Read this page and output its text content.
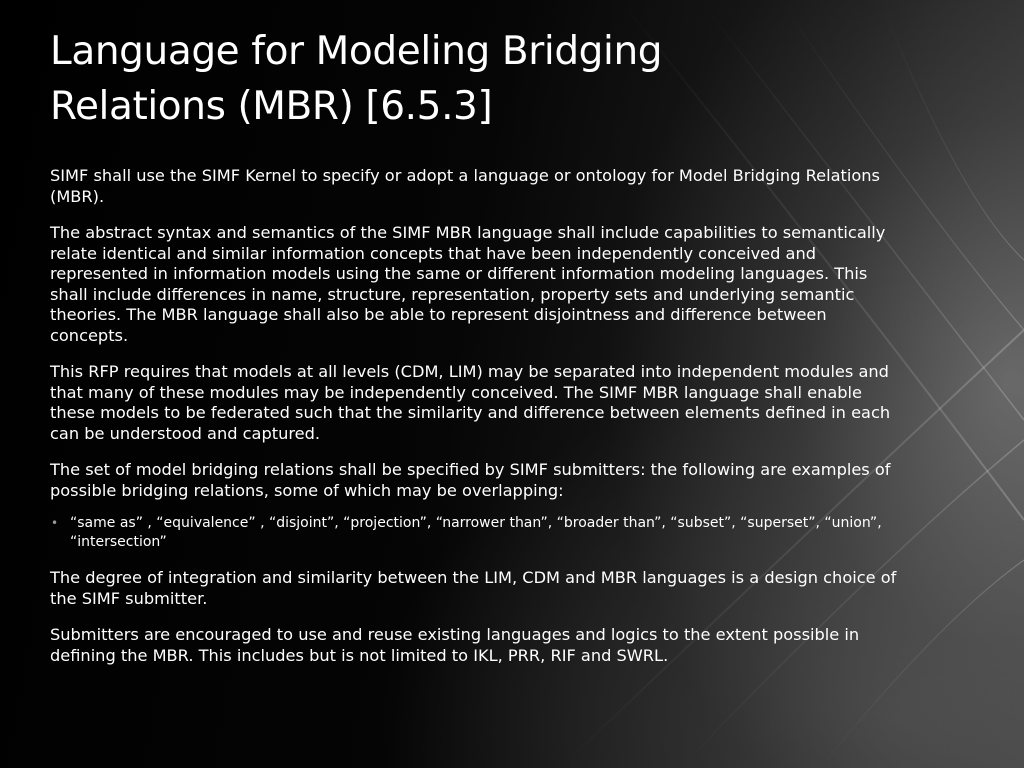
Language for Modeling Bridging
Relations (MBR) [6.5.3]

SIMF shall use the SIMF Kernel to specify or adopt a language or ontology for Model Bridging Relations (MBR).

The abstract syntax and semantics of the SIMF MBR language shall include capabilities to semantically relate identical and similar information concepts that have been independently conceived and represented in information models using the same or different information modeling languages. This shall include differences in name, structure, representation, property sets and underlying semantic theories. The MBR language shall also be able to represent disjointness and difference between concepts.

This RFP requires that models at all levels (CDM, LIM) may be separated into independent modules and that many of these modules may be independently conceived. The SIMF MBR language shall enable these models to be federated such that the similarity and difference between elements defined in each can be understood and captured.

The set of model bridging relations shall be specified by SIMF submitters: the following are examples of possible bridging relations, some of which may be overlapping:

• “same as” , “equivalence” , “disjoint”, “projection”, “narrower than”, “broader than”, “subset”, “superset”, “union”, “intersection”

The degree of integration and similarity between the LIM, CDM and MBR languages is a design choice of the SIMF submitter.

Submitters are encouraged to use and reuse existing languages and logics to the extent possible in defining the MBR. This includes but is not limited to IKL, PRR, RIF and SWRL.
